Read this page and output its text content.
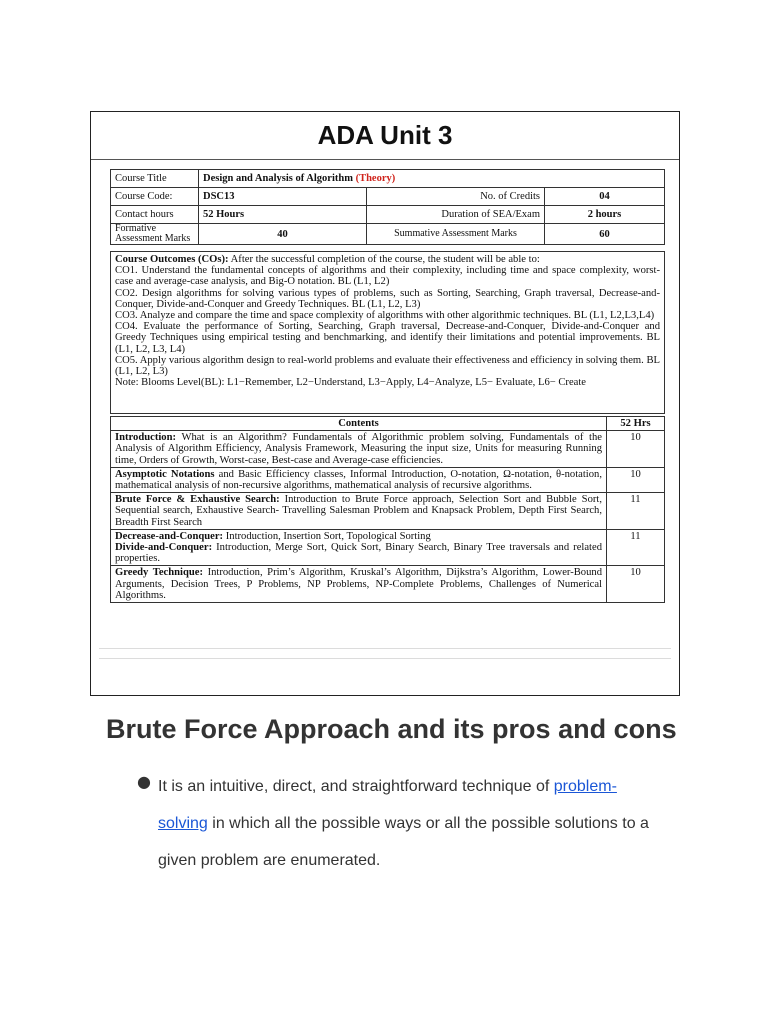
ADA Unit 3
Course Title	Design and Analysis of Algorithm (Theory)		
Course Code:	DSC13	No. of Credits	04
Contact hours	52 Hours	Duration of SEA/Exam	2 hours
Formative Assessment Marks	40	Summative Assessment Marks	60

Course Outcomes (COs): After the successful completion of the course, the student will be able to:

CO1. Understand the fundamental concepts of algorithms and their complexity, including time and space complexity, worst-case and average-case analysis, and Big-O notation. BL (L1, L2)

CO2. Design algorithms for solving various types of problems, such as Sorting, Searching, Graph traversal, Decrease-and-Conquer, Divide-and-Conquer and Greedy Techniques. BL (L1, L2, L3)

CO3. Analyze and compare the time and space complexity of algorithms with other algorithmic techniques. BL (L1, L2,L3,L4)

CO4. Evaluate the performance of Sorting, Searching, Graph traversal, Decrease-and-Conquer, Divide-and-Conquer and Greedy Techniques using empirical testing and benchmarking, and identify their limitations and potential improvements. BL (L1, L2, L3, L4)

CO5. Apply various algorithm design to real-world problems and evaluate their effectiveness and efficiency in solving them. BL (L1, L2, L3)

Note: Blooms Level(BL): L1−Remember, L2−Understand, L3−Apply, L4−Analyze, L5− Evaluate, L6− Create

Contents	52 Hrs
Introduction: What is an Algorithm? Fundamentals of Algorithmic problem solving, Fundamentals of the Analysis of Algorithm Efficiency, Analysis Framework, Measuring the input size, Units for measuring Running time, Orders of Growth, Worst-case, Best-case and Average-case efficiencies.	10
Asymptotic Notations and Basic Efficiency classes, Informal Introduction, O-notation, Ω-notation, θ-notation, mathematical analysis of non-recursive algorithms, mathematical analysis of recursive algorithms.	10
Brute Force & Exhaustive Search: Introduction to Brute Force approach, Selection Sort and Bubble Sort, Sequential search, Exhaustive Search- Travelling Salesman Problem and Knapsack Problem, Depth First Search, Breadth First Search	11
Decrease-and-Conquer: Introduction, Insertion Sort, Topological Sorting
Divide-and-Conquer: Introduction, Merge Sort, Quick Sort, Binary Search, Binary Tree traversals and related properties.	11
Greedy Technique: Introduction, Prim’s Algorithm, Kruskal’s Algorithm, Dijkstra’s Algorithm, Lower-Bound Arguments, Decision Trees, P Problems, NP Problems, NP-Complete Problems, Challenges of Numerical Algorithms.	10
Brute Force Approach and its pros and cons
● It is an intuitive, direct, and straightforward technique of problem-solving in which all the possible ways or all the possible solutions to a given problem are enumerated.
